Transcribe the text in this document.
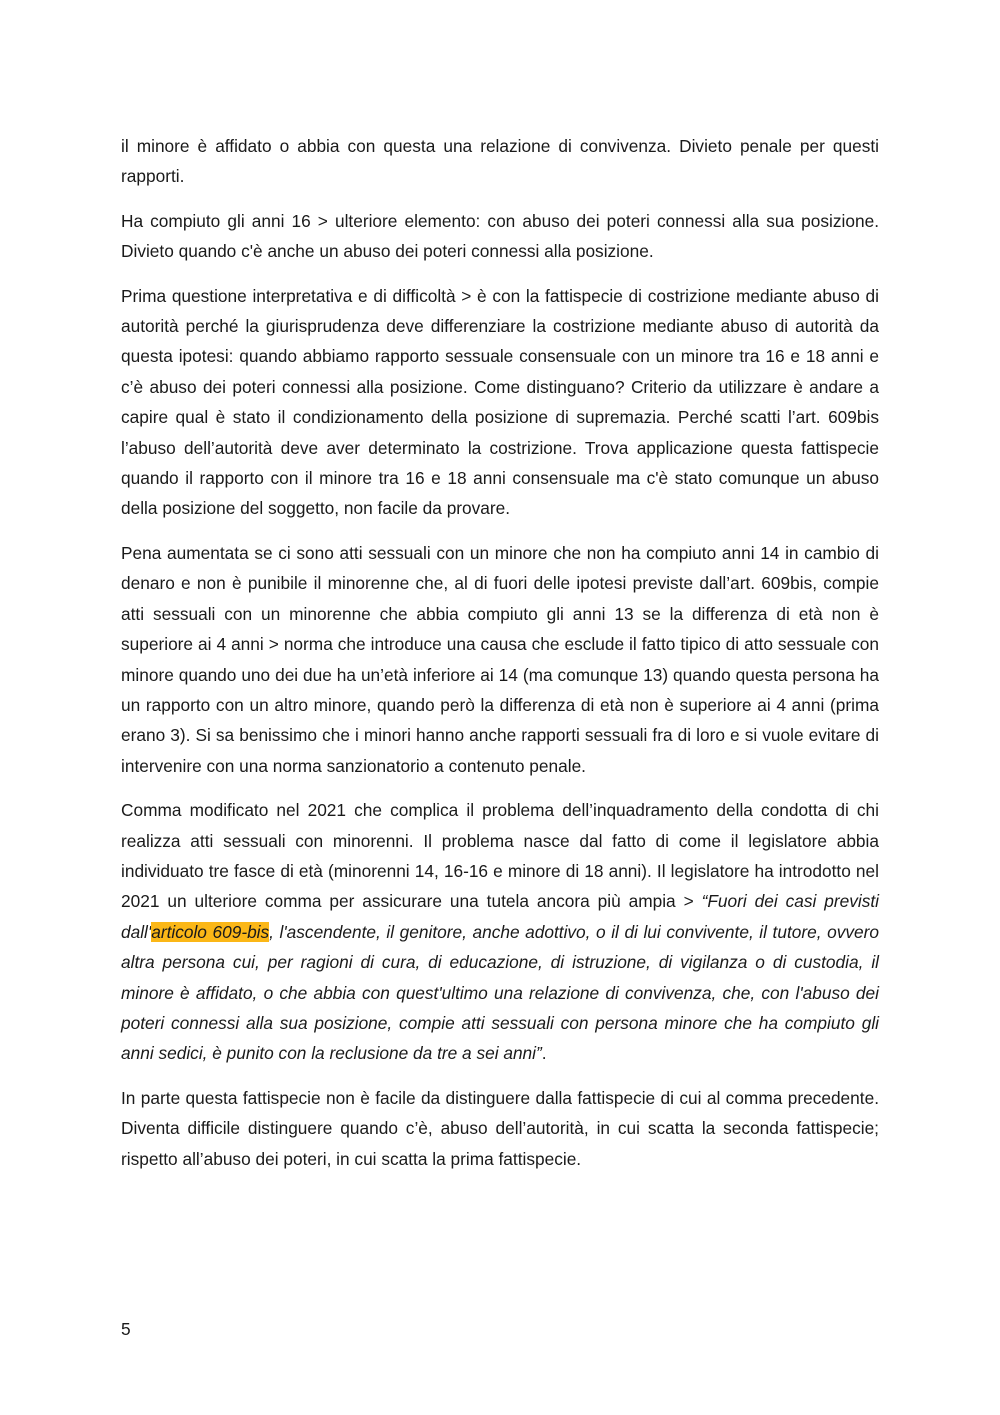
il minore è affidato o abbia con questa una relazione di convivenza. Divieto penale per questi rapporti.

Ha compiuto gli anni 16 > ulteriore elemento: con abuso dei poteri connessi alla sua posizione. Divieto quando c'è anche un abuso dei poteri connessi alla posizione.

Prima questione interpretativa e di difficoltà > è con la fattispecie di costrizione mediante abuso di autorità perché la giurisprudenza deve differenziare la costrizione mediante abuso di autorità da questa ipotesi: quando abbiamo rapporto sessuale consensuale con un minore tra 16 e 18 anni e c’è abuso dei poteri connessi alla posizione. Come distinguano? Criterio da utilizzare è andare a capire qual è stato il condizionamento della posizione di supremazia. Perché scatti l’art. 609bis l’abuso dell’autorità deve aver determinato la costrizione. Trova applicazione questa fattispecie quando il rapporto con il minore tra 16 e 18 anni consensuale ma c'è stato comunque un abuso della posizione del soggetto, non facile da provare.

Pena aumentata se ci sono atti sessuali con un minore che non ha compiuto anni 14 in cambio di denaro e non è punibile il minorenne che, al di fuori delle ipotesi previste dall’art. 609bis, compie atti sessuali con un minorenne che abbia compiuto gli anni 13 se la differenza di età non è superiore ai 4 anni > norma che introduce una causa che esclude il fatto tipico di atto sessuale con minore quando uno dei due ha un’età inferiore ai 14 (ma comunque 13) quando questa persona ha un rapporto con un altro minore, quando però la differenza di età non è superiore ai 4 anni (prima erano 3). Si sa benissimo che i minori hanno anche rapporti sessuali fra di loro e si vuole evitare di intervenire con una norma sanzionatorio a contenuto penale.

Comma modificato nel 2021 che complica il problema dell’inquadramento della condotta di chi realizza atti sessuali con minorenni. Il problema nasce dal fatto di come il legislatore abbia individuato tre fasce di età (minorenni 14, 16-16 e minore di 18 anni). Il legislatore ha introdotto nel 2021 un ulteriore comma per assicurare una tutela ancora più ampia > “Fuori dei casi previsti dall'articolo 609-bis, l'ascendente, il genitore, anche adottivo, o il di lui convivente, il tutore, ovvero altra persona cui, per ragioni di cura, di educazione, di istruzione, di vigilanza o di custodia, il minore è affidato, o che abbia con quest'ultimo una relazione di convivenza, che, con l'abuso dei poteri connessi alla sua posizione, compie atti sessuali con persona minore che ha compiuto gli anni sedici, è punito con la reclusione da tre a sei anni”.

In parte questa fattispecie non è facile da distinguere dalla fattispecie di cui al comma precedente. Diventa difficile distinguere quando c’è, abuso dell’autorità, in cui scatta la seconda fattispecie; rispetto all’abuso dei poteri, in cui scatta la prima fattispecie.

5
